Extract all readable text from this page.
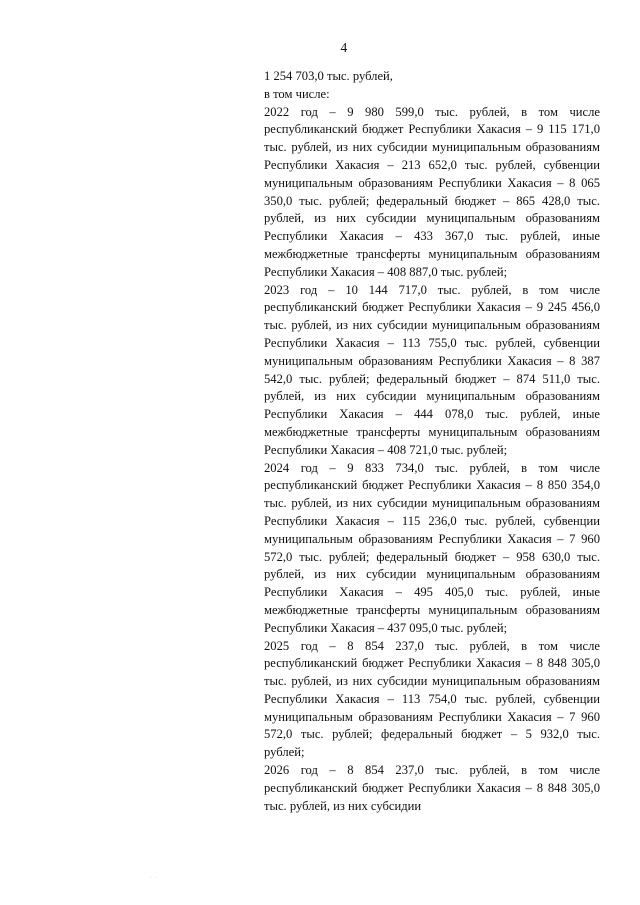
4

1 254 703,0 тыс. рублей,

в том числе:

2022 год – 9 980 599,0 тыс. рублей, в том числе республиканский бюджет Республики Хакасия – 9 115 171,0 тыс. рублей, из них субсидии муниципальным образованиям Республики Хакасия – 213 652,0 тыс. рублей, субвенции муниципальным образованиям Республики Хакасия – 8 065 350,0 тыс. рублей; федеральный бюджет – 865 428,0 тыс. рублей, из них субсидии муниципальным образованиям Республики Хакасия – 433 367,0 тыс. рублей, иные межбюджетные трансферты муниципальным образованиям Республики Хакасия – 408 887,0 тыс. рублей;

2023 год – 10 144 717,0 тыс. рублей, в том числе республиканский бюджет Республики Хакасия – 9 245 456,0 тыс. рублей, из них субсидии муниципальным образованиям Республики Хакасия – 113 755,0 тыс. рублей, субвенции муниципальным образованиям Республики Хакасия – 8 387 542,0 тыс. рублей; федеральный бюджет – 874 511,0 тыс. рублей, из них субсидии муниципальным образованиям Республики Хакасия – 444 078,0 тыс. рублей, иные межбюджетные трансферты муниципальным образованиям Республики Хакасия – 408 721,0 тыс. рублей;

2024 год – 9 833 734,0 тыс. рублей, в том числе республиканский бюджет Республики Хакасия – 8 850 354,0 тыс. рублей, из них субсидии муниципальным образованиям Республики Хакасия – 115 236,0 тыс. рублей, субвенции муниципальным образованиям Республики Хакасия – 7 960 572,0 тыс. рублей; федеральный бюджет – 958 630,0 тыс. рублей, из них субсидии муниципальным образованиям Республики Хакасия – 495 405,0 тыс. рублей, иные межбюджетные трансферты муниципальным образованиям Республики Хакасия – 437 095,0 тыс. рублей;

2025 год – 8 854 237,0 тыс. рублей, в том числе республиканский бюджет Республики Хакасия – 8 848 305,0 тыс. рублей, из них субсидии муниципальным образованиям Республики Хакасия – 113 754,0 тыс. рублей, субвенции муниципальным образованиям Республики Хакасия – 7 960 572,0 тыс. рублей; федеральный бюджет – 5 932,0 тыс. рублей;

2026 год – 8 854 237,0 тыс. рублей, в том числе республиканский бюджет Республики Хакасия – 8 848 305,0 тыс. рублей, из них субсидии

· ·
